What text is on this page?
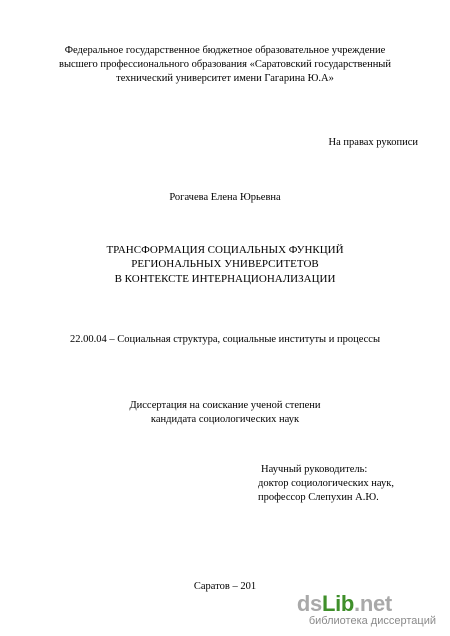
Федеральное государственное бюджетное образовательное учреждение
высшего профессионального образования «Саратовский государственный
технический университет имени Гагарина Ю.А»
На правах рукописи
Рогачева Елена Юрьевна
ТРАНСФОРМАЦИЯ СОЦИАЛЬНЫХ ФУНКЦИЙ
РЕГИОНАЛЬНЫХ УНИВЕРСИТЕТОВ
В КОНТЕКСТЕ ИНТЕРНАЦИОНАЛИЗАЦИИ
22.00.04 – Социальная структура, социальные институты и процессы
Диссертация на соискание ученой степени
кандидата социологических наук
Научный руководитель:
доктор социологических наук,
профессор Слепухин А.Ю.
Саратов – 201
dsLib.net
библиотека диссертаций
